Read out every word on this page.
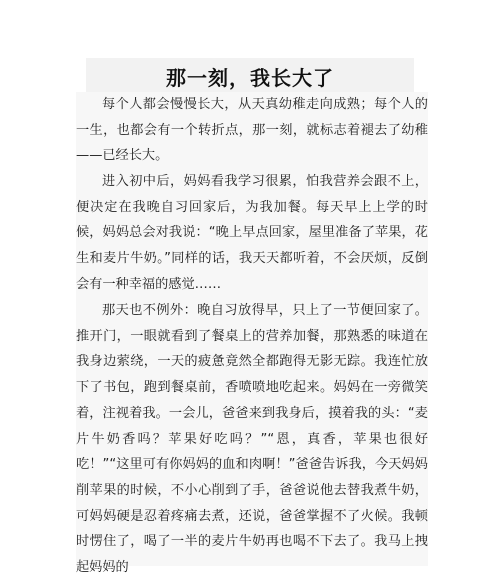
那一刻，我长大了

每个人都会慢慢长大，从天真幼稚走向成熟；每个人的一生，也都会有一个转折点，那一刻，就标志着褪去了幼稚——已经长大。

进入初中后，妈妈看我学习很累，怕我营养会跟不上，便决定在我晚自习回家后，为我加餐。每天早上上学的时候，妈妈总会对我说：“晚上早点回家，屋里准备了苹果，花生和麦片牛奶。”同样的话，我天天都听着，不会厌烦，反倒会有一种幸福的感觉……

那天也不例外：晚自习放得早，只上了一节便回家了。推开门，一眼就看到了餐桌上的营养加餐，那熟悉的味道在我身边萦绕，一天的疲惫竟然全都跑得无影无踪。我连忙放下了书包，跑到餐桌前，香喷喷地吃起来。妈妈在一旁微笑着，注视着我。一会儿，爸爸来到我身后，摸着我的头：“麦片牛奶香吗？苹果好吃吗？”“恩，真香，苹果也很好吃！”“这里可有你妈妈的血和肉啊！”爸爸告诉我，今天妈妈削苹果的时候，不小心削到了手，爸爸说他去替我煮牛奶，可妈妈硬是忍着疼痛去煮，还说，爸爸掌握不了火候。我顿时愣住了，喝了一半的麦片牛奶再也喝不下去了。我马上拽起妈妈的
